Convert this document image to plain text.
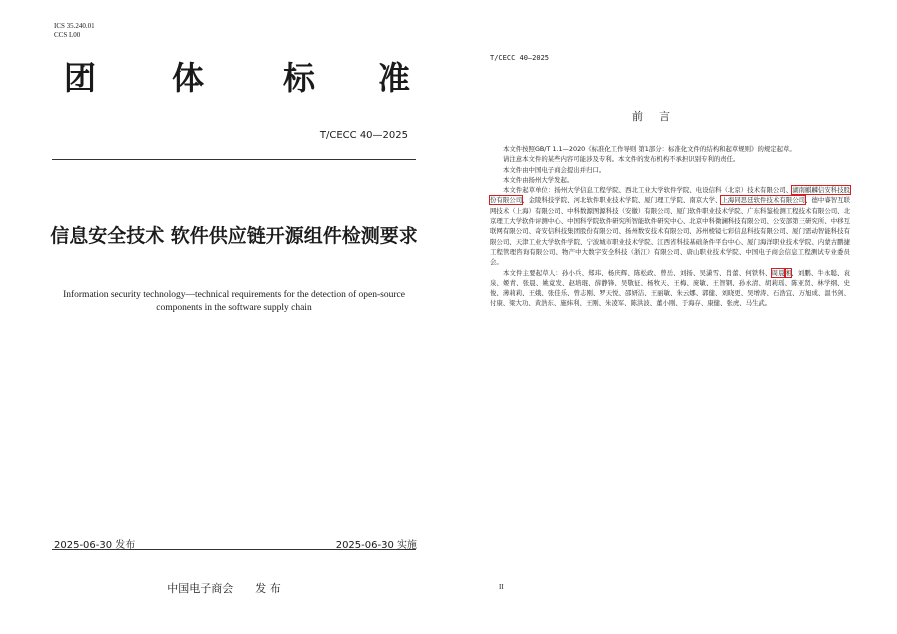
ICS 35.240.01
CCS L00
团 体 标 准
T/CECC 40—2025
信息安全技术 软件供应链开源组件检测要求
Information security technology—technical requirements for the detection of open-source components in the software supply chain
2025-06-30 发布	2025-06-30 实施
中国电子商会 发 布
T/CECC 40—2025
前言

本文件按照GB/T 1.1—2020《标准化工作导则 第1部分：标准化文件的结构和起草规则》的规定起草。

请注意本文件的某些内容可能涉及专利。本文件的发布机构不承担识别专利的责任。

本文件由中国电子商会提出并归口。

本文件由扬州大学发起。

本文件起草单位：扬州大学信息工程学院、西北工业大学软件学院、电设信科（北京）技术有限公司、湖南麒麟信安科技股份有限公司、金陵科技学院、河北软件职业技术学院、厦门理工学院、南京大学、上海同思廷软件技术有限公司、德中睿智互联网技术（上海）有限公司、中科数源图源科技（安徽）有限公司、厦门软件职业技术学院、广东科鉴检测工程技术有限公司、北京理工大学软件评测中心、中国科学院软件研究所智能软件研究中心、北京中科微澜科技有限公司、公安部第三研究所、中移互联网有限公司、奇安信科技集团股份有限公司、扬州数安技术有限公司、苏州棱镜七彩信息科技有限公司、厦门需动智能科技有限公司、天津工业大学软件学院、宁波城市职业技术学院、江西省科技基础条件平台中心、厦门海洋职业技术学院、内蒙古鹏捷工程管理咨询有限公司、物产中大数字安全科技（浙江）有限公司、唐山职业技术学院、中国电子商会信息工程测试专业委员会。

本文件主要起草人：孙小兵、郑玮、杨庆辉、陈松政、曾岳、刘扬、吴潇雪、肖蕾、何铁科、周晨湘、刘鹏、牛永聪、袁泉、姬青、张晨、姚竟发、赵培琨、薛静锋、吴敬征、杨牧天、王梅、庞敏、王智钢、孙永清、胡莉瑶、陈亚贤、林学纲、史俊、薄莉莉、王娥、张佳乐、曾志刚、罗天悦、邵妍洁、王丽敏、朱云娜、郭健、刘晓更、吴增涛、石浩宜、万旭成、温书剑、付康、梁大功、黄浩东、施炜利、王刚、朱凌军、陈洪波、董小刚、于海存、康健、张虎、马生武。

II
